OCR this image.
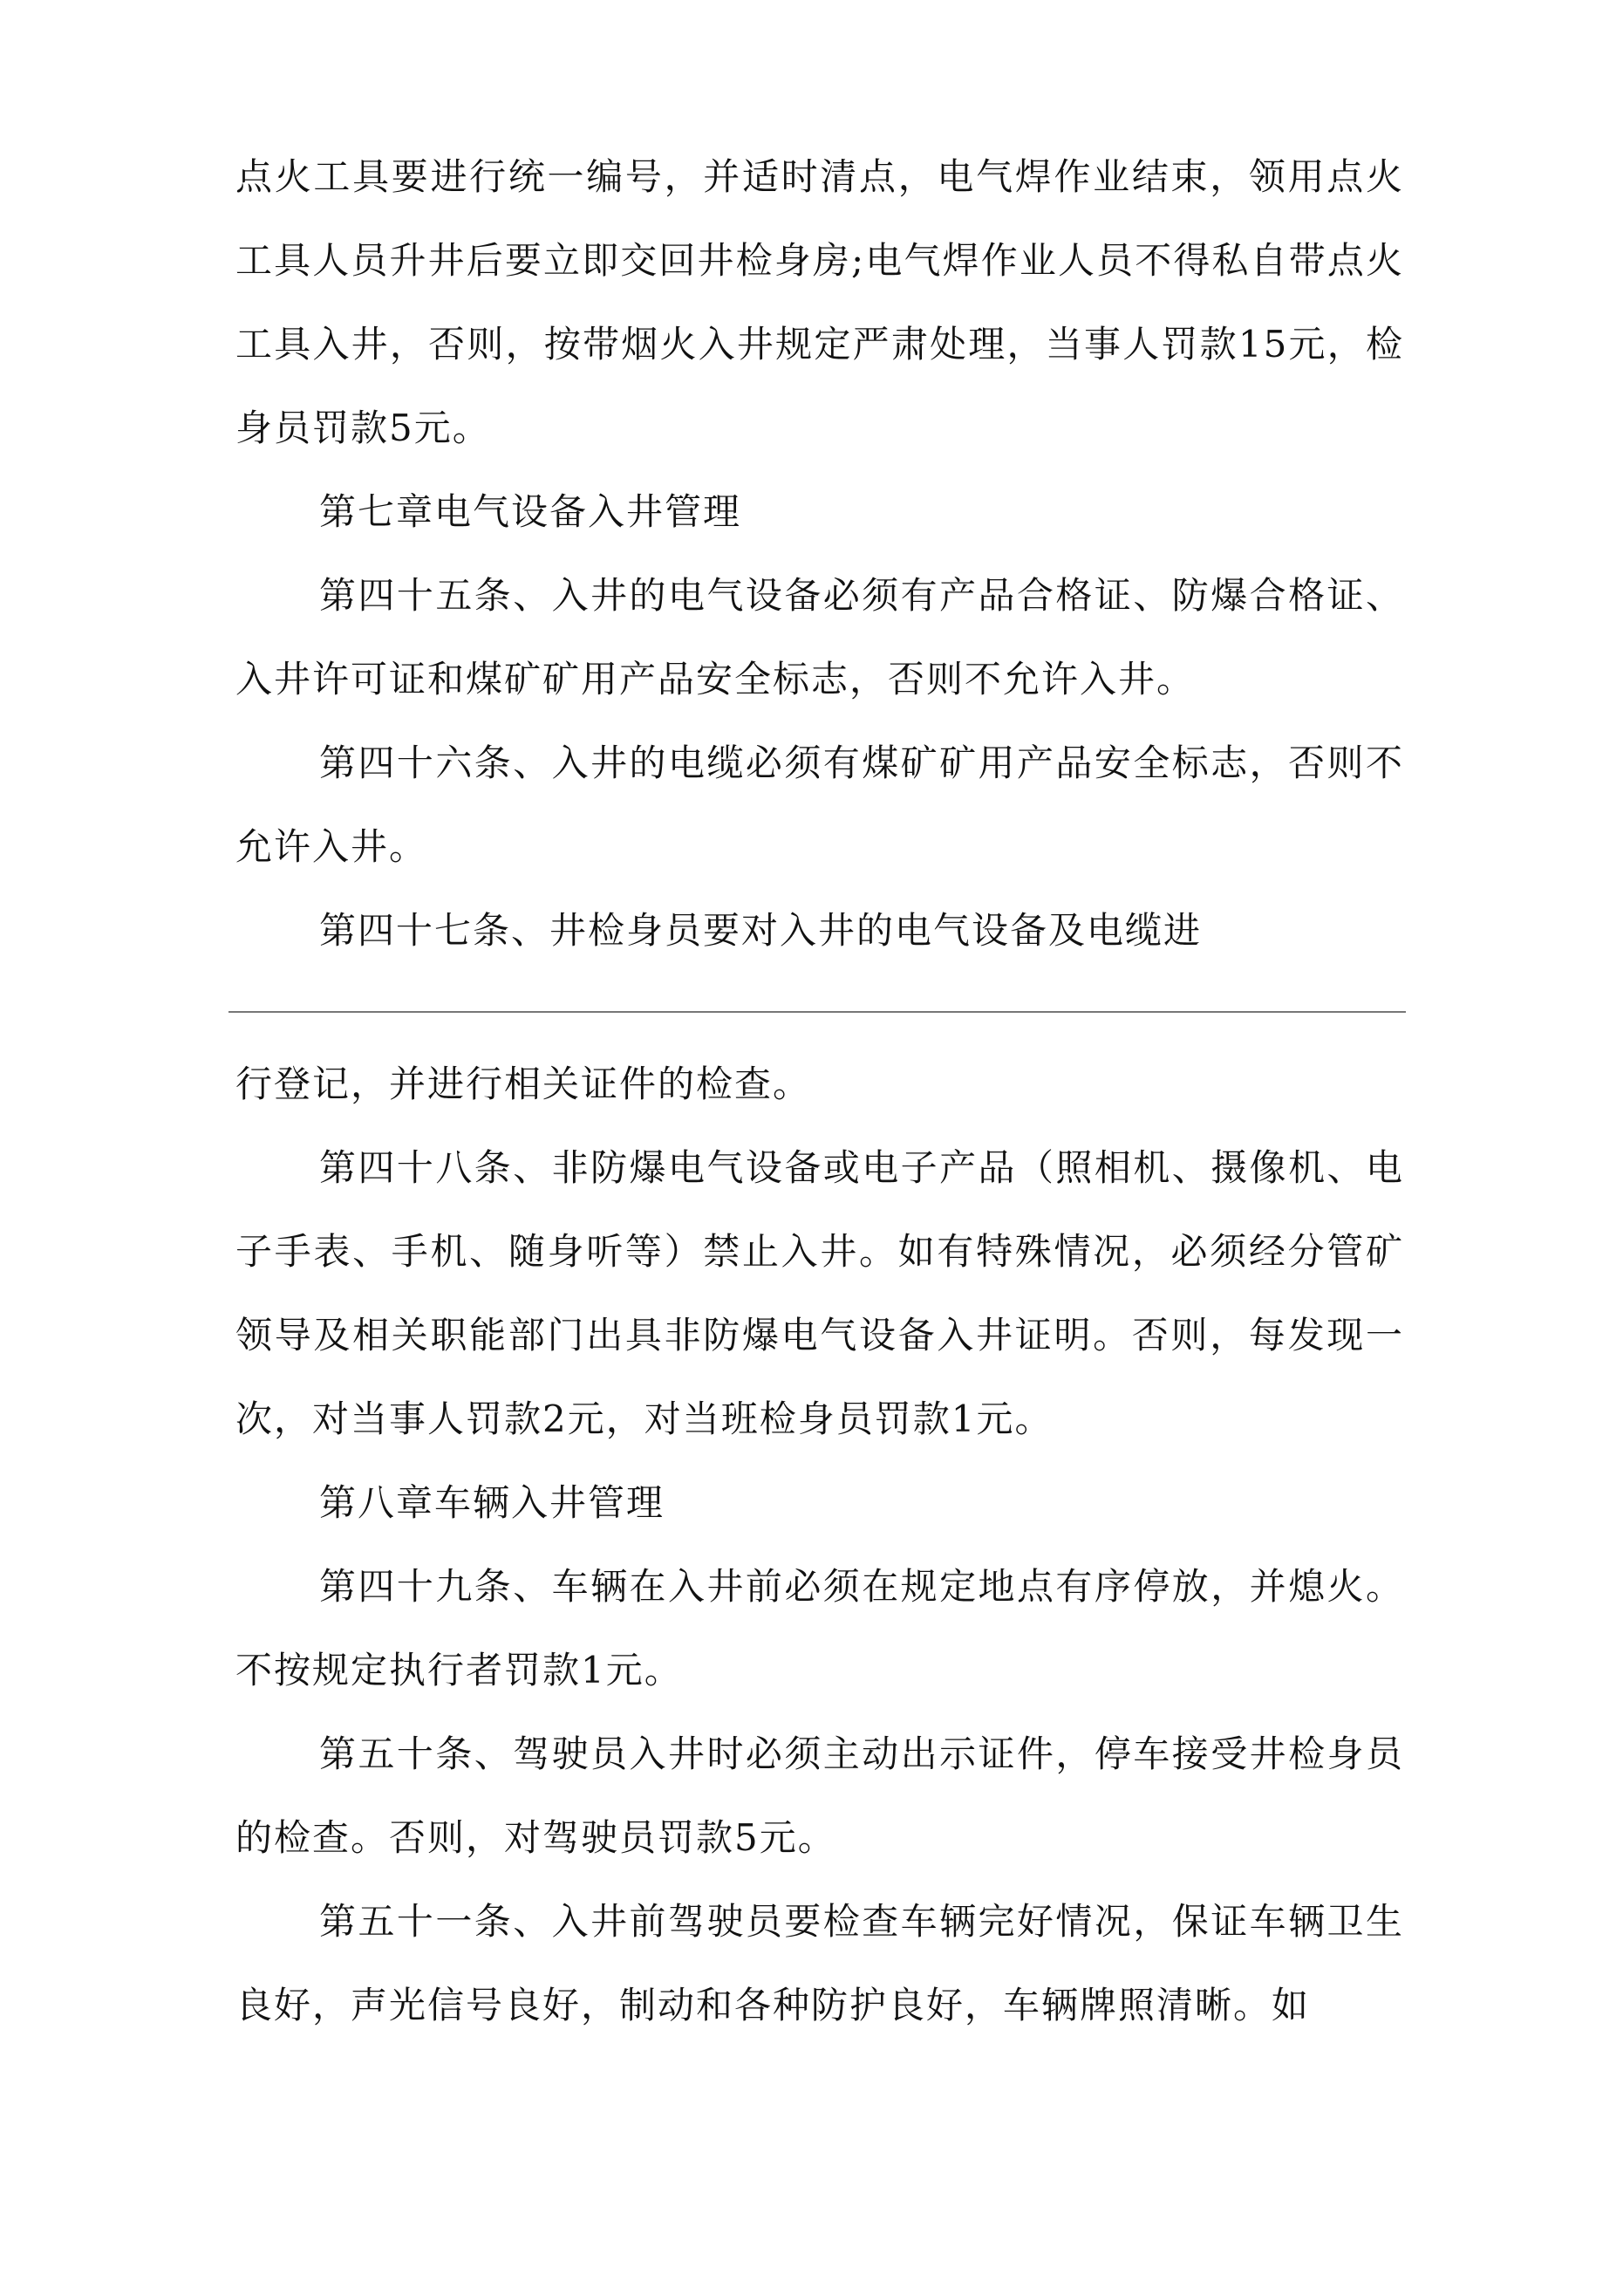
点火工具要进行统一编号，并适时清点，电气焊作业结束，领用点火工具人员升井后要立即交回井检身房;电气焊作业人员不得私自带点火工具入井，否则，按带烟火入井规定严肃处理，当事人罚款15元，检身员罚款5元。

第七章电气设备入井管理

第四十五条、入井的电气设备必须有产品合格证、防爆合格证、入井许可证和煤矿矿用产品安全标志，否则不允许入井。

第四十六条、入井的电缆必须有煤矿矿用产品安全标志，否则不允许入井。

第四十七条、井检身员要对入井的电气设备及电缆进

行登记，并进行相关证件的检查。

第四十八条、非防爆电气设备或电子产品（照相机、摄像机、电子手表、手机、随身听等）禁止入井。如有特殊情况，必须经分管矿领导及相关职能部门出具非防爆电气设备入井证明。否则，每发现一次，对当事人罚款2元，对当班检身员罚款1元。

第八章车辆入井管理

第四十九条、车辆在入井前必须在规定地点有序停放，并熄火。不按规定执行者罚款1元。

第五十条、驾驶员入井时必须主动出示证件，停车接受井检身员的检查。否则，对驾驶员罚款5元。

第五十一条、入井前驾驶员要检查车辆完好情况，保证车辆卫生良好，声光信号良好，制动和各种防护良好，车辆牌照清晰。如
